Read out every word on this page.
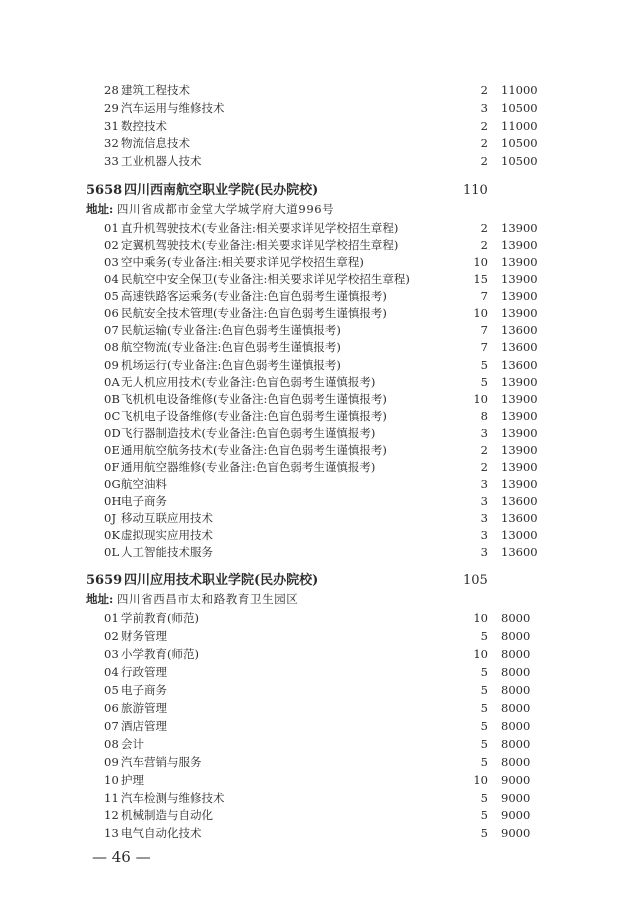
28 建筑工程技术	2 11000
29 汽车运用与维修技术	3 10500
31 数控技术	2 11000
32 物流信息技术	2 10500
33 工业机器人技术	2 10500
5658 四川西南航空职业学院(民办院校)	110
地址: 四川省成都市金堂大学城学府大道996号
01 直升机驾驶技术(专业备注:相关要求详见学校招生章程)	2 13900
02 定翼机驾驶技术(专业备注:相关要求详见学校招生章程)	2 13900
03 空中乘务(专业备注:相关要求详见学校招生章程)	10 13900
04 民航空中安全保卫(专业备注:相关要求详见学校招生章程)	15 13900
05 高速铁路客运乘务(专业备注:色盲色弱考生谨慎报考)	7 13900
06 民航安全技术管理(专业备注:色盲色弱考生谨慎报考)	10 13900
07 民航运输(专业备注:色盲色弱考生谨慎报考)	7 13600
08 航空物流(专业备注:色盲色弱考生谨慎报考)	7 13600
09 机场运行(专业备注:色盲色弱考生谨慎报考)	5 13600
0A 无人机应用技术(专业备注:色盲色弱考生谨慎报考)	5 13900
0B 飞机机电设备维修(专业备注:色盲色弱考生谨慎报考)	10 13900
0C 飞机电子设备维修(专业备注:色盲色弱考生谨慎报考)	8 13900
0D 飞行器制造技术(专业备注:色盲色弱考生谨慎报考)	3 13900
0E 通用航空航务技术(专业备注:色盲色弱考生谨慎报考)	2 13900
0F 通用航空器维修(专业备注:色盲色弱考生谨慎报考)	2 13900
0G 航空油料	3 13900
0H 电子商务	3 13600
0J 移动互联应用技术	3 13600
0K 虚拟现实应用技术	3 13000
0L 人工智能技术服务	3 13600
5659 四川应用技术职业学院(民办院校)	105
地址: 四川省西昌市太和路教育卫生园区
01 学前教育(师范)	10 8000
02 财务管理	5 8000
03 小学教育(师范)	10 8000
04 行政管理	5 8000
05 电子商务	5 8000
06 旅游管理	5 8000
07 酒店管理	5 8000
08 会计	5 8000
09 汽车营销与服务	5 8000
10 护理	10 9000
11 汽车检测与维修技术	5 9000
12 机械制造与自动化	5 9000
13 电气自动化技术	5 9000
— 46 —
